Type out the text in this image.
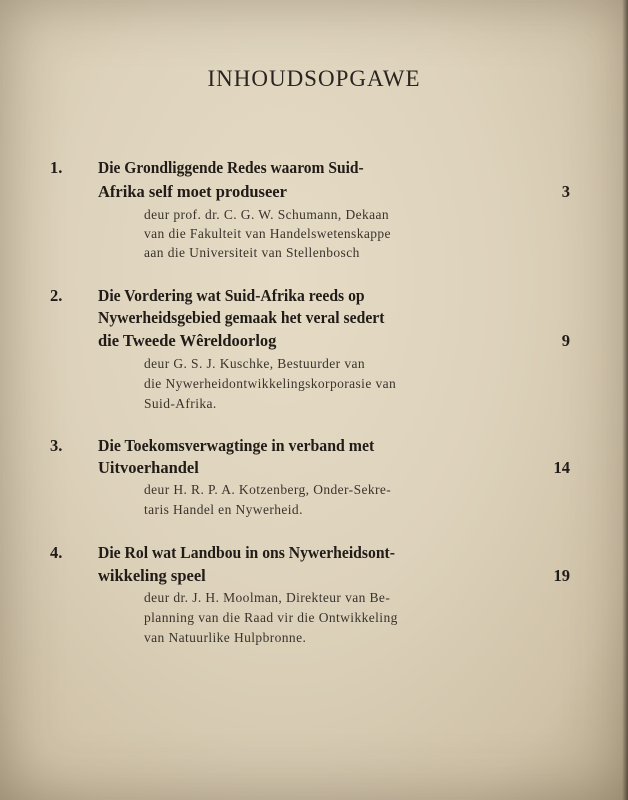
INHOUDSOPGAWE
1. Die Grondliggende Redes waarom Suid-
Afrika self moet produseer	3
deur prof. dr. C. G. W. Schumann, Dekaan
van die Fakulteit van Handelswetenskappe
aan die Universiteit van Stellenbosch
2. Die Vordering wat Suid-Afrika reeds op
Nywerheidsgebied gemaak het veral sedert
die Tweede Wêreldoorlog	9
deur G. S. J. Kuschke, Bestuurder van
die Nywerheidontwikkelingskorporasie van
Suid-Afrika.
3. Die Toekomsverwagtinge in verband met
Uitvoerhandel	14
deur H. R. P. A. Kotzenberg, Onder-Sekre-
taris Handel en Nywerheid.
4. Die Rol wat Landbou in ons Nywerheidsont-
wikkeling speel	19
deur dr. J. H. Moolman, Direkteur van Be-
planning van die Raad vir die Ontwikkeling
van Natuurlike Hulpbronne.
